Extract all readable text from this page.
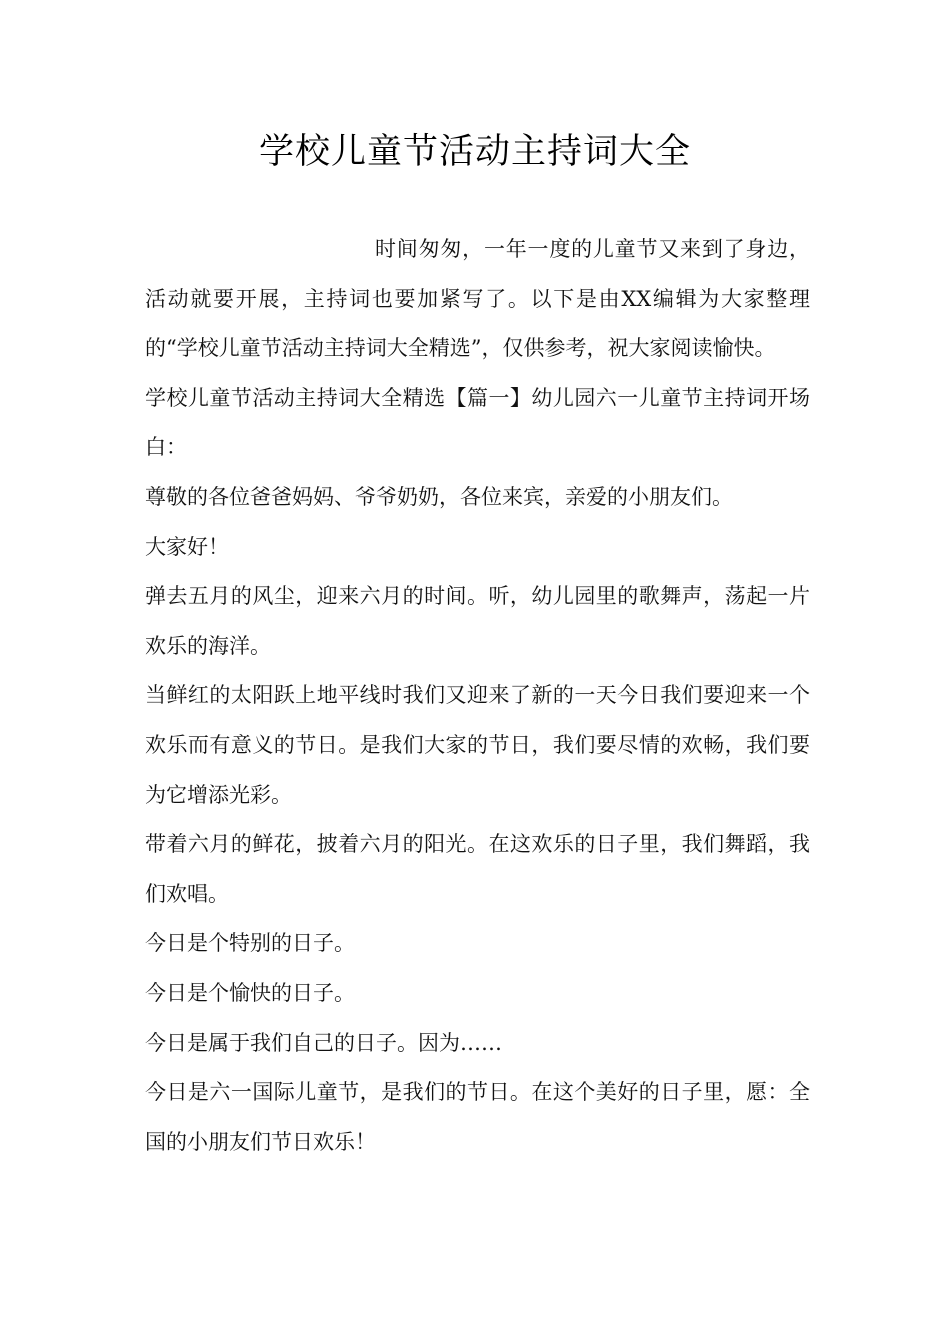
学校儿童节活动主持词大全

时间匆匆，一年一度的儿童节又来到了身边，活动就要开展，主持词也要加紧写了。以下是由XX编辑为大家整理的“学校儿童节活动主持词大全精选”，仅供参考，祝大家阅读愉快。

学校儿童节活动主持词大全精选【篇一】幼儿园六一儿童节主持词开场白：

尊敬的各位爸爸妈妈、爷爷奶奶，各位来宾，亲爱的小朋友们。

大家好！

弹去五月的风尘，迎来六月的时间。听，幼儿园里的歌舞声，荡起一片欢乐的海洋。

当鲜红的太阳跃上地平线时我们又迎来了新的一天今日我们要迎来一个欢乐而有意义的节日。是我们大家的节日，我们要尽情的欢畅，我们要为它增添光彩。

带着六月的鲜花，披着六月的阳光。在这欢乐的日子里，我们舞蹈，我们欢唱。

今日是个特别的日子。

今日是个愉快的日子。

今日是属于我们自己的日子。因为……

今日是六一国际儿童节，是我们的节日。在这个美好的日子里，愿：全国的小朋友们节日欢乐！
